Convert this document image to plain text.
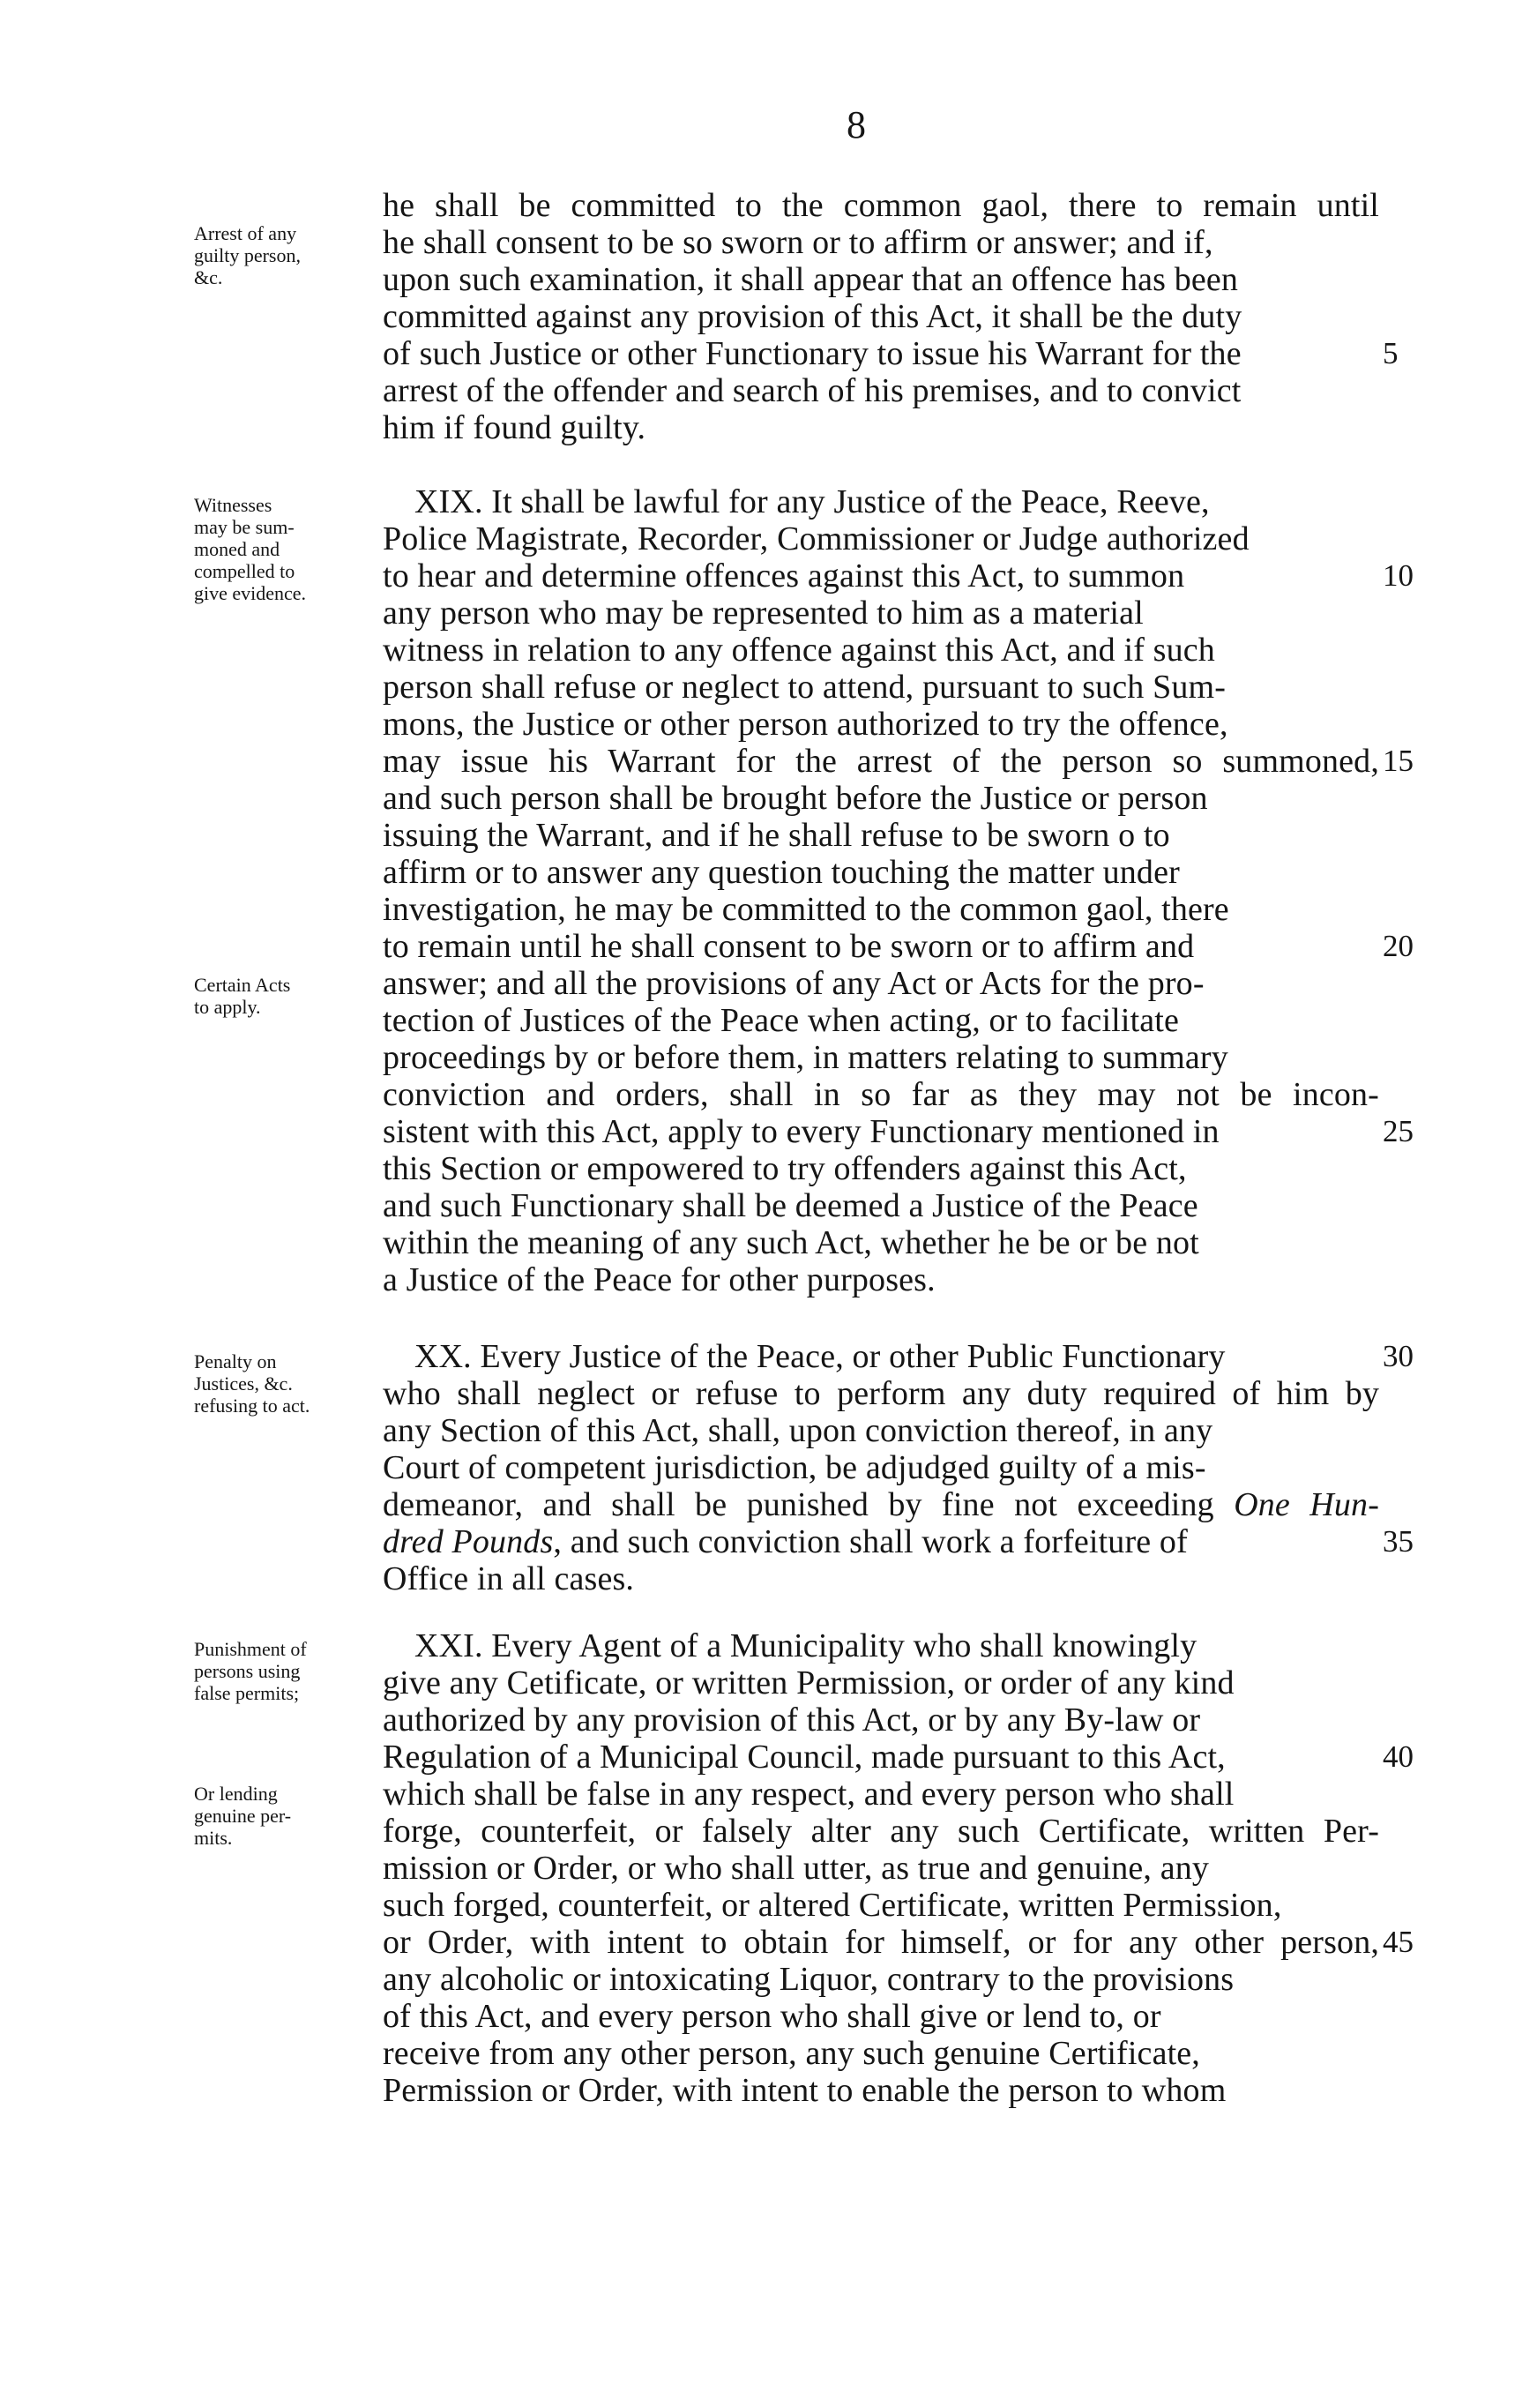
8
Arrest of any
guilty person,
&c.
he shall be committed to the common gaol, there to remain until
he shall consent to be so sworn or to affirm or answer; and if,
upon such examination, it shall appear that an offence has been
committed against any provision of this Act, it shall be the duty
of such Justice or other Functionary to issue his Warrant for the	5
arrest of the offender and search of his premises, and to convict
him if found guilty.
Witnesses
may be sum-
moned and
compelled to
give evidence.
Certain Acts
to apply.
XIX. It shall be lawful for any Justice of the Peace, Reeve,
Police Magistrate, Recorder, Commissioner or Judge authorized
to hear and determine offences against this Act, to summon	10
any person who may be represented to him as a material
witness in relation to any offence against this Act, and if such
person shall refuse or neglect to attend, pursuant to such Sum-
mons, the Justice or other person authorized to try the offence,
may issue his Warrant for the arrest of the person so summoned, 15
and such person shall be brought before the Justice or person
issuing the Warrant, and if he shall refuse to be sworn o to
affirm or to answer any question touching the matter under
investigation, he may be committed to the common gaol, there
to remain until he shall consent to be sworn or to affirm and	20
answer; and all the provisions of any Act or Acts for the pro-
tection of Justices of the Peace when acting, or to facilitate
proceedings by or before them, in matters relating to summary
conviction and orders, shall in so far as they may not be incon-
sistent with this Act, apply to every Functionary mentioned in	25
this Section or empowered to try offenders against this Act,
and such Functionary shall be deemed a Justice of the Peace
within the meaning of any such Act, whether he be or be not
a Justice of the Peace for other purposes.
Penalty on
Justices, &c.
refusing to act.
XX. Every Justice of the Peace, or other Public Functionary	30
who shall neglect or refuse to perform any duty required of him by
any Section of this Act, shall, upon conviction thereof, in any
Court of competent jurisdiction, be adjudged guilty of a mis-
demeanor, and shall be punished by fine not exceeding One Hun-
dred Pounds, and such conviction shall work a forfeiture of	35
Office in all cases.
Punishment of
persons using
false permits;
Or lending
genuine per-
mits.
XXI. Every Agent of a Municipality who shall knowingly
give any Cetificate, or written Permission, or order of any kind
authorized by any provision of this Act, or by any By-law or
Regulation of a Municipal Council, made pursuant to this Act,	40
which shall be false in any respect, and every person who shall
forge, counterfeit, or falsely alter any such Certificate, written Per-
mission or Order, or who shall utter, as true and genuine, any
such forged, counterfeit, or altered Certificate, written Permission,
or Order, with intent to obtain for himself, or for any other person, 45
any alcoholic or intoxicating Liquor, contrary to the provisions
of this Act, and every person who shall give or lend to, or
receive from any other person, any such genuine Certificate,
Permission or Order, with intent to enable the person to whom
